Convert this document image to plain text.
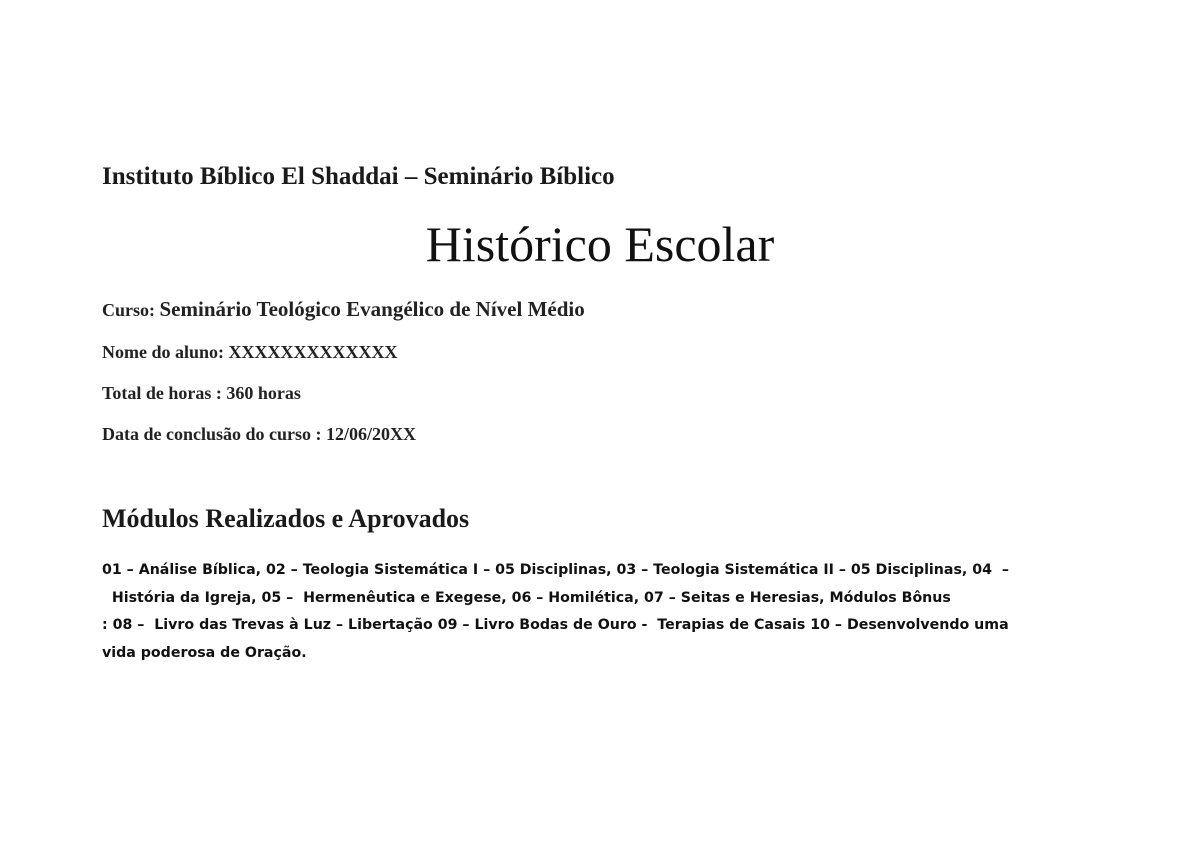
Instituto Bíblico El Shaddai – Seminário Bíblico
Histórico Escolar
Curso: Seminário Teológico Evangélico de Nível Médio
Nome do aluno: XXXXXXXXXXXXX
Total de horas : 360 horas
Data de conclusão do curso : 12/06/20XX
Módulos Realizados e Aprovados
01 – Análise Bíblica, 02 – Teologia Sistemática I – 05 Disciplinas, 03 – Teologia Sistemática II – 05 Disciplinas, 04  –
História da Igreja, 05 –  Hermenêutica e Exegese, 06 – Homilética, 07 – Seitas e Heresias, Módulos Bônus
: 08 –  Livro das Trevas à Luz – Libertação 09 – Livro Bodas de Ouro -  Terapias de Casais 10 – Desenvolvendo uma
vida poderosa de Oração.
